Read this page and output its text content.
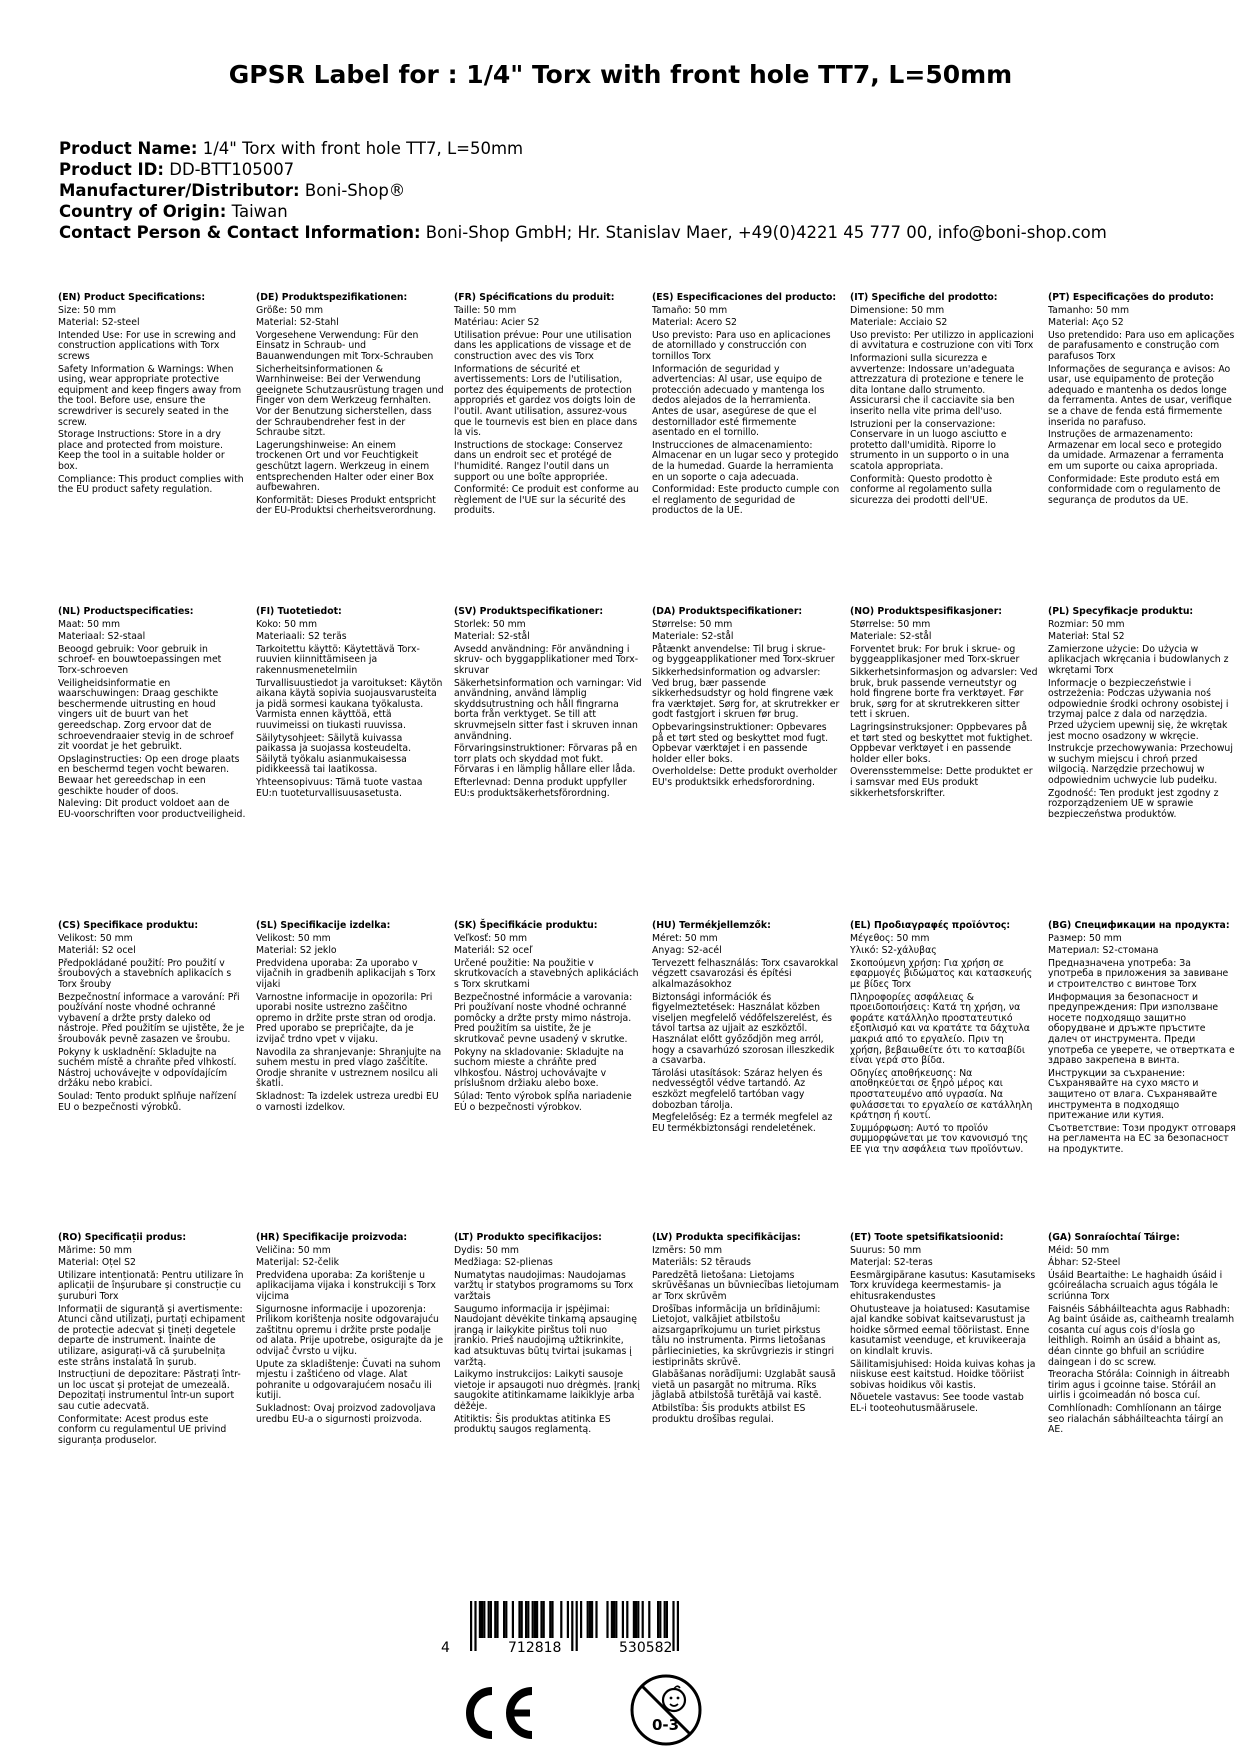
GPSR Label for : 1/4" Torx with front hole TT7, L=50mm
Product Name: 1/4" Torx with front hole TT7, L=50mm
Product ID: DD-BTT105007
Manufacturer/Distributor: Boni-Shop®
Country of Origin: Taiwan
Contact Person & Contact Information: Boni-Shop GmbH; Hr. Stanislav Maer, +49(0)4221 45 777 00, info@boni-shop.com

(EN) Product Specifications:

Size: 50 mm

Material: S2-steel

Intended Use: For use in screwing and construction applications with Torx screws

Safety Information & Warnings: When using, wear appropriate protective equipment and keep fingers away from the tool. Before use, ensure the screwdriver is securely seated in the screw.

Storage Instructions: Store in a dry place and protected from moisture. Keep the tool in a suitable holder or box.

Compliance: This product complies with the EU product safety regulation.

(DE) Produktspezifikationen:

Größe: 50 mm

Material: S2-Stahl

Vorgesehene Verwendung: Für den Einsatz in Schraub- und Bauanwendungen mit Torx-Schrauben

Sicherheitsinformationen & Warnhinweise: Bei der Verwendung geeignete Schutzausrüstung tragen und Finger von dem Werkzeug fernhalten. Vor der Benutzung sicherstellen, dass der Schraubendreher fest in der Schraube sitzt.

Lagerungshinweise: An einem trockenen Ort und vor Feuchtigkeit geschützt lagern. Werkzeug in einem entsprechenden Halter oder einer Box aufbewahren.

Konformität: Dieses Produkt entspricht der EU-Produktsi cherheitsverordnung.

(FR) Spécifications du produit:

Taille: 50 mm

Matériau: Acier S2

Utilisation prévue: Pour une utilisation dans les applications de vissage et de construction avec des vis Torx

Informations de sécurité et avertissements: Lors de l'utilisation, portez des équipements de protection appropriés et gardez vos doigts loin de l'outil. Avant utilisation, assurez-vous que le tournevis est bien en place dans la vis.

Instructions de stockage: Conservez dans un endroit sec et protégé de l'humidité. Rangez l'outil dans un support ou une boîte appropriée.

Conformité: Ce produit est conforme au règlement de l'UE sur la sécurité des produits.

(ES) Especificaciones del producto:

Tamaño: 50 mm

Material: Acero S2

Uso previsto: Para uso en aplicaciones de atornillado y construcción con tornillos Torx

Información de seguridad y advertencias: Al usar, use equipo de protección adecuado y mantenga los dedos alejados de la herramienta. Antes de usar, asegúrese de que el destornillador esté firmemente asentado en el tornillo.

Instrucciones de almacenamiento: Almacenar en un lugar seco y protegido de la humedad. Guarde la herramienta en un soporte o caja adecuada.

Conformidad: Este producto cumple con el reglamento de seguridad de productos de la UE.

(IT) Specifiche del prodotto:

Dimensione: 50 mm

Materiale: Acciaio S2

Uso previsto: Per utilizzo in applicazioni di avvitatura e costruzione con viti Torx

Informazioni sulla sicurezza e avvertenze: Indossare un'adeguata attrezzatura di protezione e tenere le dita lontane dallo strumento. Assicurarsi che il cacciavite sia ben inserito nella vite prima dell'uso.

Istruzioni per la conservazione: Conservare in un luogo asciutto e protetto dall'umidità. Riporre lo strumento in un supporto o in una scatola appropriata.

Conformità: Questo prodotto è conforme al regolamento sulla sicurezza dei prodotti dell'UE.

(PT) Especificações do produto:

Tamanho: 50 mm

Material: Aço S2

Uso pretendido: Para uso em aplicações de parafusamento e construção com parafusos Torx

Informações de segurança e avisos: Ao usar, use equipamento de proteção adequado e mantenha os dedos longe da ferramenta. Antes de usar, verifique se a chave de fenda está firmemente inserida no parafuso.

Instruções de armazenamento: Armazenar em local seco e protegido da umidade. Armazenar a ferramenta em um suporte ou caixa apropriada.

Conformidade: Este produto está em conformidade com o regulamento de segurança de produtos da UE.

(NL) Productspecificaties:

Maat: 50 mm

Materiaal: S2-staal

Beoogd gebruik: Voor gebruik in schroef- en bouwtoepassingen met Torx-schroeven

Veiligheidsinformatie en waarschuwingen: Draag geschikte beschermende uitrusting en houd vingers uit de buurt van het gereedschap. Zorg ervoor dat de schroevendraaier stevig in de schroef zit voordat je het gebruikt.

Opslaginstructies: Op een droge plaats en beschermd tegen vocht bewaren. Bewaar het gereedschap in een geschikte houder of doos.

Naleving: Dit product voldoet aan de EU-voorschriften voor productveiligheid.

(FI) Tuotetiedot:

Koko: 50 mm

Materiaali: S2 teräs

Tarkoitettu käyttö: Käytettävä Torx-ruuvien kiinnittämiseen ja rakennusmenetelmiin

Turvallisuustiedot ja varoitukset: Käytön aikana käytä sopivia suojausvarusteita ja pidä sormesi kaukana työkalusta. Varmista ennen käyttöä, että ruuvimeissi on tiukasti ruuvissa.

Säilytysohjeet: Säilytä kuivassa paikassa ja suojassa kosteudelta. Säilytä työkalu asianmukaisessa pidikkeessä tai laatikossa.

Yhteensopivuus: Tämä tuote vastaa EU:n tuoteturvallisuusasetusta.

(SV) Produktspecifikationer:

Storlek: 50 mm

Material: S2-stål

Avsedd användning: För användning i skruv- och byggapplikationer med Torx-skruvar

Säkerhetsinformation och varningar: Vid användning, använd lämplig skyddsutrustning och håll fingrarna borta från verktyget. Se till att skruvmejseln sitter fast i skruven innan användning.

Förvaringsinstruktioner: Förvaras på en torr plats och skyddad mot fukt. Förvaras i en lämplig hållare eller låda.

Efterlevnad: Denna produkt uppfyller EU:s produktsäkerhetsförordning.

(DA) Produktspecifikationer:

Størrelse: 50 mm

Materiale: S2-stål

Påtænkt anvendelse: Til brug i skrue- og byggeapplikationer med Torx-skruer

Sikkerhedsinformation og advarsler: Ved brug, bær passende sikkerhedsudstyr og hold fingrene væk fra værktøjet. Sørg for, at skrutrekker er godt fastgjort i skruen før brug.

Opbevaringsinstruktioner: Opbevares på et tørt sted og beskyttet mod fugt. Opbevar værktøjet i en passende holder eller boks.

Overholdelse: Dette produkt overholder EU's produktsikk erhedsforordning.

(NO) Produktspesifikasjoner:

Størrelse: 50 mm

Materiale: S2-stål

Forventet bruk: For bruk i skrue- og byggeapplikasjoner med Torx-skruer

Sikkerhetsinformasjon og advarsler: Ved bruk, bruk passende verneutstyr og hold fingrene borte fra verktøyet. Før bruk, sørg for at skrutrekkeren sitter tett i skruen.

Lagringsinstruksjoner: Oppbevares på et tørt sted og beskyttet mot fuktighet. Oppbevar verktøyet i en passende holder eller boks.

Overensstemmelse: Dette produktet er i samsvar med EUs produkt sikkerhetsforskrifter.

(PL) Specyfikacje produktu:

Rozmiar: 50 mm

Materiał: Stal S2

Zamierzone użycie: Do użycia w aplikacjach wkręcania i budowlanych z wkrętami Torx

Informacje o bezpieczeństwie i ostrzeżenia: Podczas używania noś odpowiednie środki ochrony osobistej i trzymaj palce z dala od narzędzia. Przed użyciem upewnij się, że wkrętak jest mocno osadzony w wkręcie.

Instrukcje przechowywania: Przechowuj w suchym miejscu i chroń przed wilgocią. Narzędzie przechowuj w odpowiednim uchwycie lub pudełku.

Zgodność: Ten produkt jest zgodny z rozporządzeniem UE w sprawie bezpieczeństwa produktów.

(CS) Specifikace produktu:

Velikost: 50 mm

Materiál: S2 ocel

Předpokládané použití: Pro použití v šroubových a stavebních aplikacích s Torx šrouby

Bezpečnostní informace a varování: Při používání noste vhodné ochranné vybavení a držte prsty daleko od nástroje. Před použitím se ujistěte, že je šroubovák pevně zasazen ve šroubu.

Pokyny k uskladnění: Skladujte na suchém místě a chraňte před vlhkostí. Nástroj uchovávejte v odpovídajícím držáku nebo krabici.

Soulad: Tento produkt splňuje nařízení EU o bezpečnosti výrobků.

(SL) Specifikacije izdelka:

Velikost: 50 mm

Material: S2 jeklo

Predvidena uporaba: Za uporabo v vijačnih in gradbenih aplikacijah s Torx vijaki

Varnostne informacije in opozorila: Pri uporabi nosite ustrezno zaščitno opremo in držite prste stran od orodja. Pred uporabo se prepričajte, da je izvijač trdno vpet v vijaku.

Navodila za shranjevanje: Shranjujte na suhem mestu in pred vlago zaščitite. Orodje shranite v ustreznem nosilcu ali škatli.

Skladnost: Ta izdelek ustreza uredbi EU o varnosti izdelkov.

(SK) Špecifikácie produktu:

Veľkosť: 50 mm

Materiál: S2 oceľ

Určené použitie: Na použitie v skrutkovacích a stavebných aplikáciách s Torx skrutkami

Bezpečnostné informácie a varovania: Pri používaní noste vhodné ochranné pomôcky a držte prsty mimo nástroja. Pred použitím sa uistite, že je skrutkovač pevne usadený v skrutke.

Pokyny na skladovanie: Skladujte na suchom mieste a chráňte pred vlhkosťou. Nástroj uchovávajte v príslušnom držiaku alebo boxe.

Súlad: Tento výrobok spĺňa nariadenie EÚ o bezpečnosti výrobkov.

(HU) Termékjellemzők:

Méret: 50 mm

Anyag: S2-acél

Tervezett felhasználás: Torx csavarokkal végzett csavarozási és építési alkalmazásokhoz

Biztonsági információk és figyelmeztetések: Használat közben viseljen megfelelő védőfelszerelést, és távol tartsa az ujjait az eszköztől. Használat előtt győződjön meg arról, hogy a csavarhúzó szorosan illeszkedik a csavarba.

Tárolási utasítások: Száraz helyen és nedvességtől védve tartandó. Az eszközt megfelelő tartóban vagy dobozban tárolja.

Megfelelőség: Ez a termék megfelel az EU termékbiztonsági rendeletének.

(EL) Προδιαγραφές προϊόντος:

Μέγεθος: 50 mm

Υλικό: S2-χάλυβας

Σκοπούμενη χρήση: Για χρήση σε εφαρμογές βιδώματος και κατασκευής με βίδες Torx

Πληροφορίες ασφάλειας & προειδοποιήσεις: Κατά τη χρήση, να φοράτε κατάλληλο προστατευτικό εξοπλισμό και να κρατάτε τα δάχτυλα μακριά από το εργαλείο. Πριν τη χρήση, βεβαιωθείτε ότι το κατσαβίδι είναι γερά στο βίδα.

Οδηγίες αποθήκευσης: Να αποθηκεύεται σε ξηρό μέρος και προστατευμένο από υγρασία. Να φυλάσσεται το εργαλείο σε κατάλληλη κράτηση ή κουτί.

Συμμόρφωση: Αυτό το προϊόν συμμορφώνεται με τον κανονισμό της ΕΕ για την ασφάλεια των προϊόντων.

(BG) Спецификации на продукта:

Размер: 50 mm

Материал: S2-стомана

Предназначена употреба: За употреба в приложения за завиване и строителство с винтове Torx

Информация за безопасност и предупреждения: При използване носете подходящо защитно оборудване и дръжте пръстите далеч от инструмента. Преди употреба се уверете, че отвертката е здраво закрепена в винта.

Инструкции за съхранение: Съхранявайте на сухо място и защитено от влага. Съхранявайте инструмента в подходящо притежание или кутия.

Съответствие: Този продукт отговаря на регламента на ЕС за безопасност на продуктите.

(RO) Specificații produs:

Mărime: 50 mm

Material: Oțel S2

Utilizare intenționată: Pentru utilizare în aplicații de înșurubare și construcție cu șuruburi Torx

Informații de siguranță și avertismente: Atunci când utilizați, purtați echipament de protecție adecvat și țineți degetele departe de instrument. Înainte de utilizare, asigurați-vă că șurubelnița este strâns instalată în șurub.

Instrucțiuni de depozitare: Păstrați într-un loc uscat și protejat de umezeală. Depozitați instrumentul într-un suport sau cutie adecvată.

Conformitate: Acest produs este conform cu regulamentul UE privind siguranța produselor.

(HR) Specifikacije proizvoda:

Veličina: 50 mm

Materijal: S2-čelik

Predviđena uporaba: Za korištenje u aplikacijama vijaka i konstrukciji s Torx vijcima

Sigurnosne informacije i upozorenja: Prilikom korištenja nosite odgovarajuću zaštitnu opremu i držite prste podalje od alata. Prije upotrebe, osigurajte da je odvijač čvrsto u vijku.

Upute za skladištenje: Čuvati na suhom mjestu i zaštićeno od vlage. Alat pohranite u odgovarajućem nosaču ili kutiji.

Sukladnost: Ovaj proizvod zadovoljava uredbu EU-a o sigurnosti proizvoda.

(LT) Produkto specifikacijos:

Dydis: 50 mm

Medžiaga: S2-plienas

Numatytas naudojimas: Naudojamas varžtų ir statybos programoms su Torx varžtais

Saugumo informacija ir įspėjimai: Naudojant dėvėkite tinkamą apsauginę įrangą ir laikykite pirštus toli nuo įrankio. Prieš naudojimą užtikrinkite, kad atsuktuvas būtų tvirtai įsukamas į varžtą.

Laikymo instrukcijos: Laikyti sausoje vietoje ir apsaugoti nuo drėgmės. Įrankį saugokite atitinkamame laikiklyje arba dėžėje.

Atitiktis: Šis produktas atitinka ES produktų saugos reglamentą.

(LV) Produkta specifikācijas:

Izmērs: 50 mm

Materiāls: S2 tērauds

Paredzētā lietošana: Lietojams skrūvēšanas un būvniecības lietojumam ar Torx skrūvēm

Drošības informācija un brīdinājumi: Lietojot, valkājiet atbilstošu aizsargaprīkojumu un turiet pirkstus tālu no instrumenta. Pirms lietošanas pārliecinieties, ka skrūvgriezis ir stingri iestiprināts skrūvē.

Glabāšanas norādījumi: Uzglabāt sausā vietā un pasargāt no mitruma. Rīks jāglabā atbilstošā turētājā vai kastē.

Atbilstība: Šis produkts atbilst ES produktu drošības regulai.

(ET) Toote spetsifikatsioonid:

Suurus: 50 mm

Materjal: S2-teras

Eesmärgipärane kasutus: Kasutamiseks Torx kruvidega keermestamis- ja ehitusrakendustes

Ohutusteave ja hoiatused: Kasutamise ajal kandke sobivat kaitsevarustust ja hoidke sõrmed eemal tööriistast. Enne kasutamist veenduge, et kruvikeeraja on kindlalt kruvis.

Säilitamisjuhised: Hoida kuivas kohas ja niiskuse eest kaitstud. Hoidke tööriist sobivas hoidikus või kastis.

Nõuetele vastavus: See toode vastab EL-i tooteohutusmäärusele.

(GA) Sonraíochtaí Táirge:

Méid: 50 mm

Ábhar: S2-Steel

Úsáid Beartaithe: Le haghaidh úsáid i gcóireálacha scruaich agus tógála le scriúnna Torx

Faisnéis Sábháilteachta agus Rabhadh: Ag baint úsáide as, caitheamh trealamh cosanta cuí agus cois d'íosla go leithligh. Roimh an úsáid a bhaint as, déan cinnte go bhfuil an scriúdire daingean i do sc screw.

Treoracha Stórála: Coinnigh in áitreabh tirim agus i gcoinne taise. Stóráil an uirlis i gcoimeadán nó bosca cuí.

Comhlíonadh: Comhlíonann an táirge seo rialachán sábháilteachta táirgí an AE.

4	712818	530582
0-3
